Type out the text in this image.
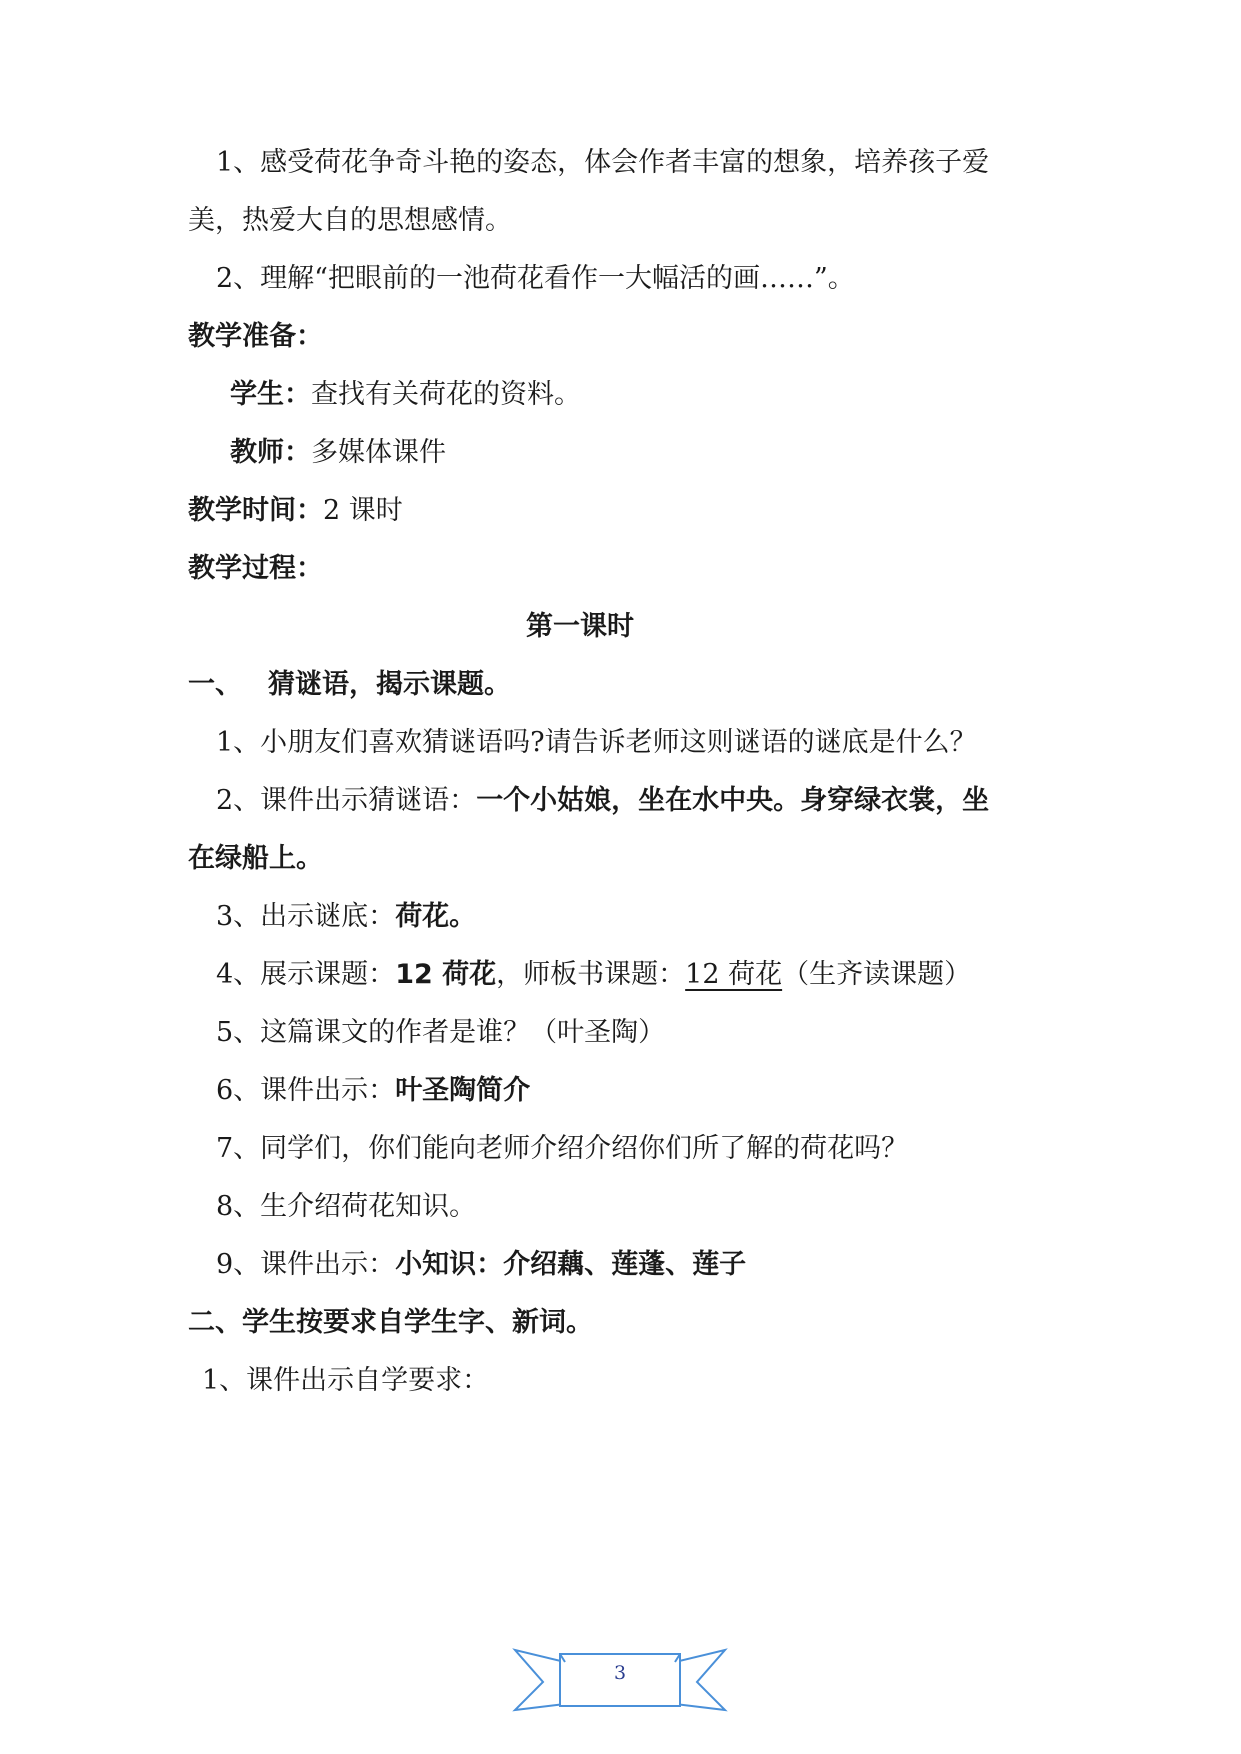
1、感受荷花争奇斗艳的姿态，体会作者丰富的想象，培养孩子爱
美，热爱大自的思想感情。
2、理解“把眼前的一池荷花看作一大幅活的画……”。
教学准备：
学生：查找有关荷花的资料。
教师：多媒体课件
教学时间：2 课时
教学过程：
第一课时
一、 猜谜语，揭示课题。
1、小朋友们喜欢猜谜语吗?请告诉老师这则谜语的谜底是什么？
2、课件出示猜谜语：一个小姑娘，坐在水中央。身穿绿衣裳，坐
在绿船上。
3、出示谜底：荷花。
4、展示课题：12 荷花，师板书课题：12 荷花（生齐读课题）
5、这篇课文的作者是谁？（叶圣陶）
6、课件出示：叶圣陶简介
7、同学们，你们能向老师介绍介绍你们所了解的荷花吗？
8、生介绍荷花知识。
9、课件出示：小知识：介绍藕、莲蓬、莲子
二、学生按要求自学生字、新词。
1、课件出示自学要求：
3
